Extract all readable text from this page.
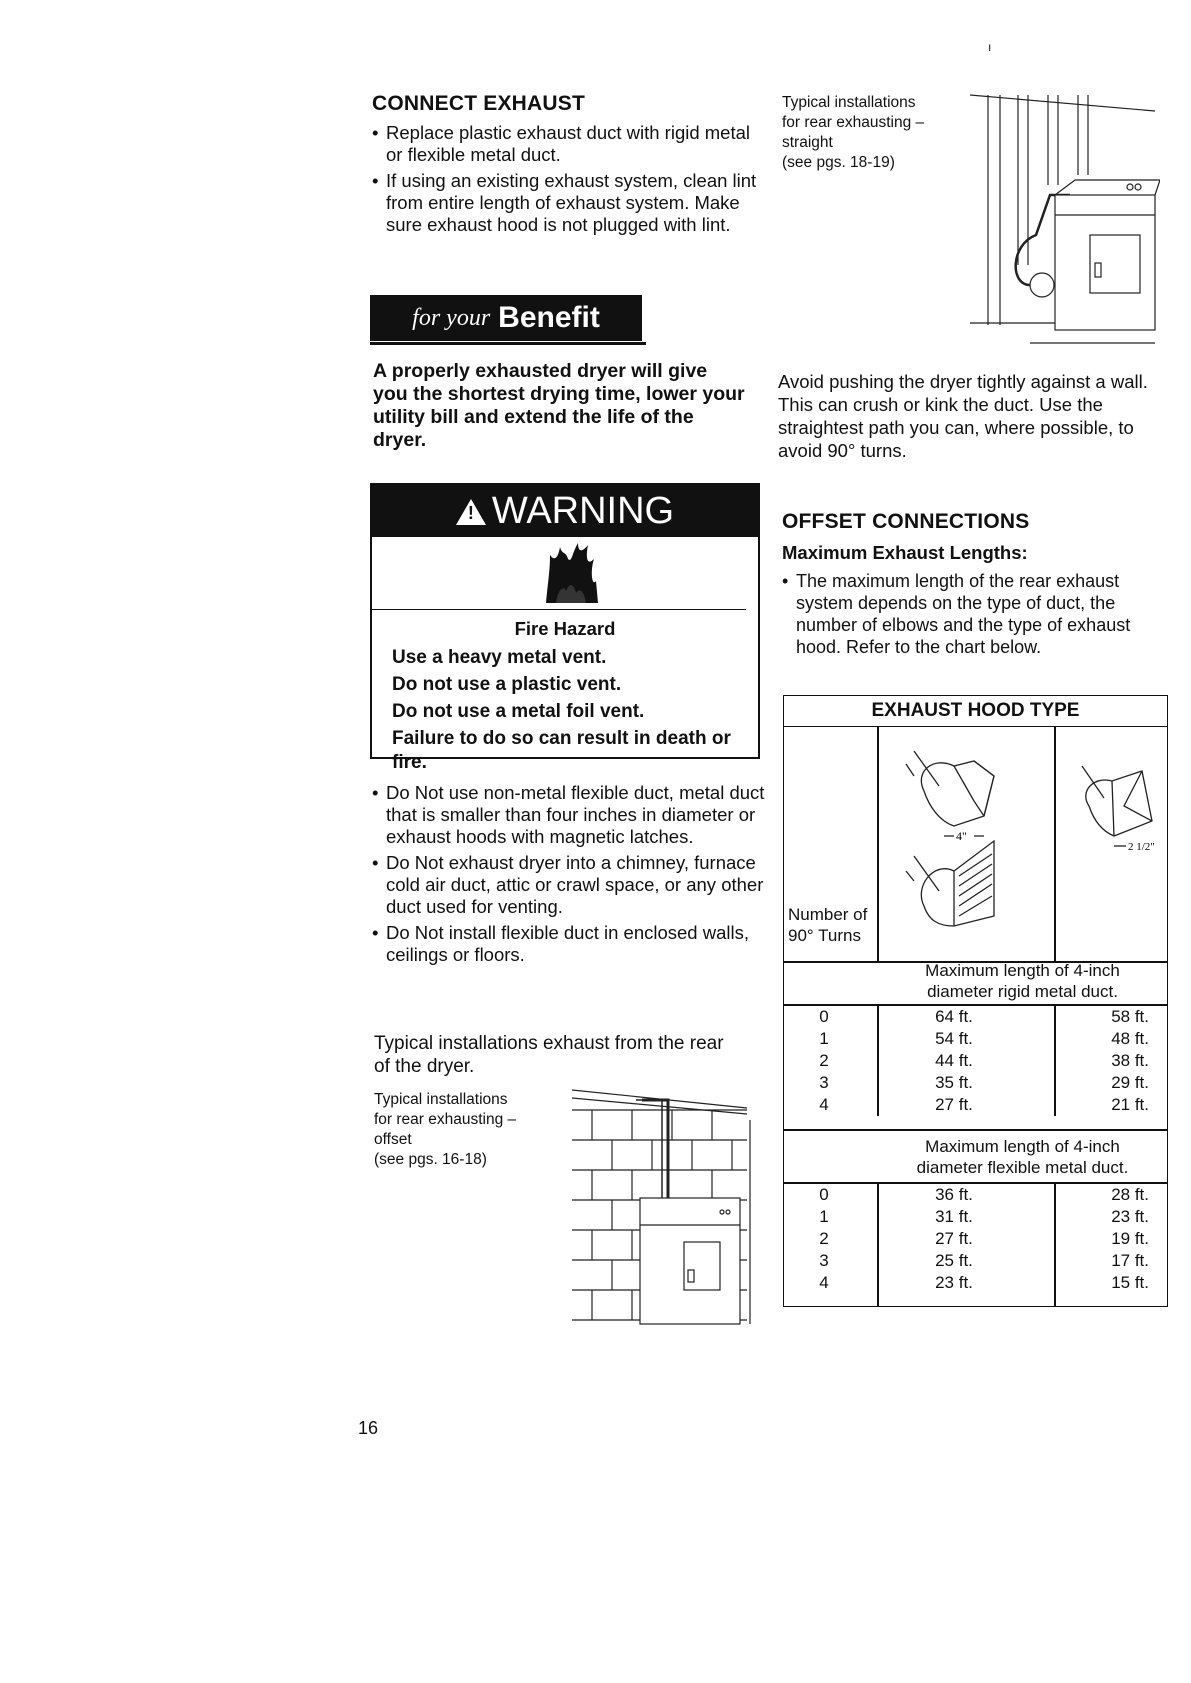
ı
CONNECT EXHAUST
• Replace plastic exhaust duct with rigid metal or flexible metal duct.
• If using an existing exhaust system, clean lint from entire length of exhaust system. Make sure exhaust hood is not plugged with lint.
for your Benefit
A properly exhausted dryer will give you the shortest drying time, lower your utility bill and extend the life of the dryer.
!WARNING
Fire Hazard
Use a heavy metal vent.
Do not use a plastic vent.
Do not use a metal foil vent.
Failure to do so can result in death or fire.
• Do Not use non-metal flexible duct, metal duct that is smaller than four inches in diameter or exhaust hoods with magnetic latches.
• Do Not exhaust dryer into a chimney, furnace cold air duct, attic or crawl space, or any other duct used for venting.
• Do Not install flexible duct in enclosed walls, ceilings or floors.
Typical installations exhaust from the rear of the dryer.
Typical installations
for rear exhausting –
offset
(see pgs. 16-18)
Typical installations
for rear exhausting –
straight
(see pgs. 18-19)
Avoid pushing the dryer tightly against a wall. This can crush or kink the duct. Use the straightest path you can, where possible, to avoid 90° turns.
OFFSET CONNECTIONS
Maximum Exhaust Lengths:
• The maximum length of the rear exhaust system depends on the type of duct, the number of elbows and the type of exhaust hood. Refer to the chart below.
EXHAUST HOOD TYPE
4"
2 1/2"
Number of
90° Turns
Maximum length of 4-inch
diameter rigid metal duct.
0	64 ft.	58 ft.
1	54 ft.	48 ft.
2	44 ft.	38 ft.
3	35 ft.	29 ft.
4	27 ft.	21 ft.
Maximum length of 4-inch
diameter flexible metal duct.
0	36 ft.	28 ft.
1	31 ft.	23 ft.
2	27 ft.	19 ft.
3	25 ft.	17 ft.
4	23 ft.	15 ft.
16
